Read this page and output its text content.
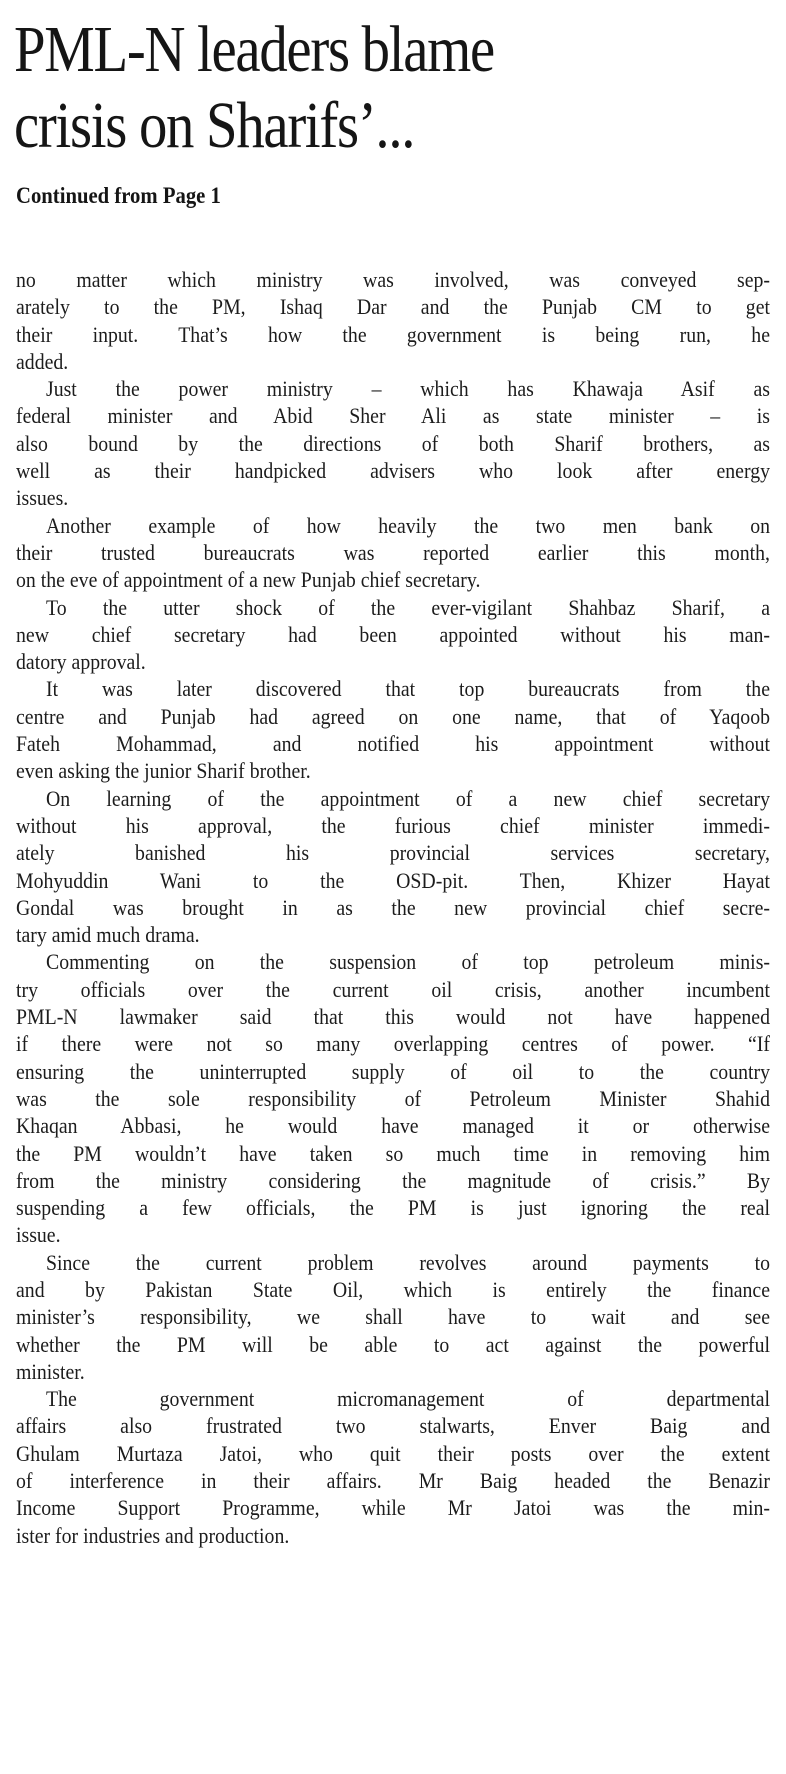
PML-N leaders blame
crisis on Sharifs’...

Continued from Page 1

no matter which ministry was involved, was conveyed sep-
arately to the PM, Ishaq Dar and the Punjab CM to get
their input. That’s how the government is being run, he
added.
Just the power ministry – which has Khawaja Asif as
federal minister and Abid Sher Ali as state minister – is
also bound by the directions of both Sharif brothers, as
well as their handpicked advisers who look after energy
issues.
Another example of how heavily the two men bank on
their trusted bureaucrats was reported earlier this month,
on the eve of appointment of a new Punjab chief secretary.
To the utter shock of the ever-vigilant Shahbaz Sharif, a
new chief secretary had been appointed without his man-
datory approval.
It was later discovered that top bureaucrats from the
centre and Punjab had agreed on one name, that of Yaqoob
Fateh Mohammad, and notified his appointment without
even asking the junior Sharif brother.
On learning of the appointment of a new chief secretary
without his approval, the furious chief minister immedi-
ately banished his provincial services secretary,
Mohyuddin Wani to the OSD-pit. Then, Khizer Hayat
Gondal was brought in as the new provincial chief secre-
tary amid much drama.
Commenting on the suspension of top petroleum minis-
try officials over the current oil crisis, another incumbent
PML-N lawmaker said that this would not have happened
if there were not so many overlapping centres of power. “If
ensuring the uninterrupted supply of oil to the country
was the sole responsibility of Petroleum Minister Shahid
Khaqan Abbasi, he would have managed it or otherwise
the PM wouldn’t have taken so much time in removing him
from the ministry considering the magnitude of crisis.” By
suspending a few officials, the PM is just ignoring the real
issue.
Since the current problem revolves around payments to
and by Pakistan State Oil, which is entirely the finance
minister’s responsibility, we shall have to wait and see
whether the PM will be able to act against the powerful
minister.
The government micromanagement of departmental
affairs also frustrated two stalwarts, Enver Baig and
Ghulam Murtaza Jatoi, who quit their posts over the extent
of interference in their affairs. Mr Baig headed the Benazir
Income Support Programme, while Mr Jatoi was the min-
ister for industries and production.
